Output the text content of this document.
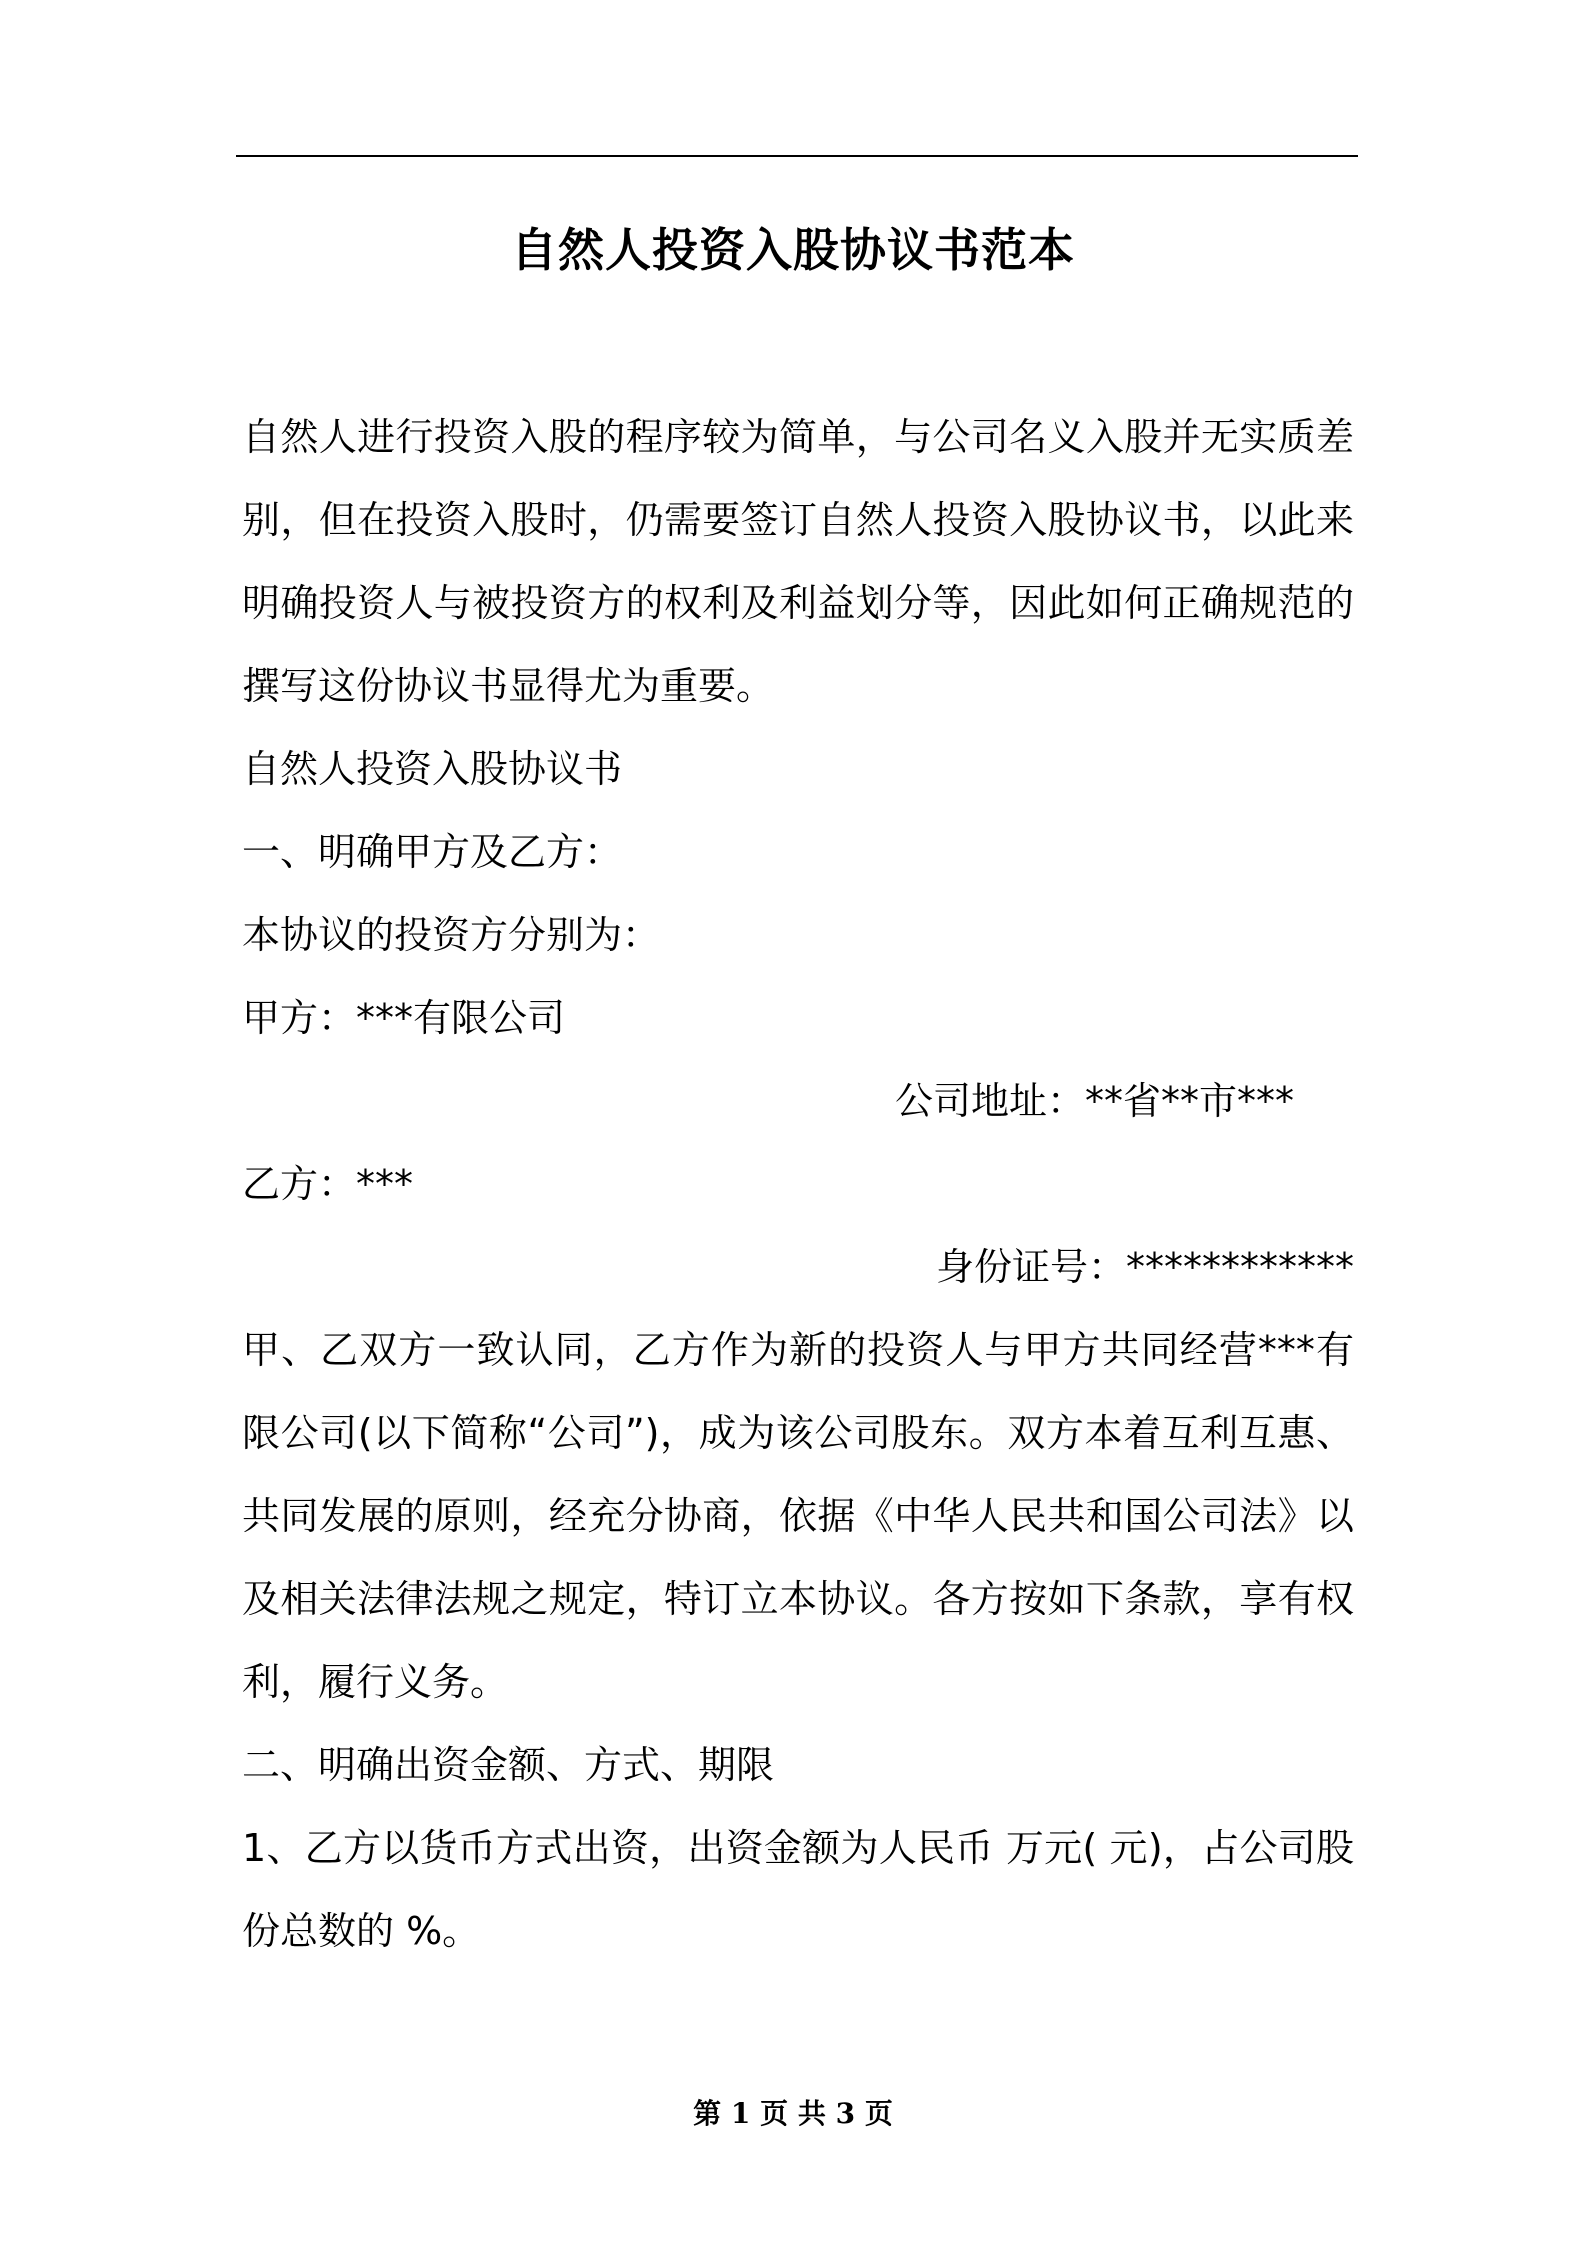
自然人投资入股协议书范本

自然人进行投资入股的程序较为简单，与公司名义入股并无实质差别，但在投资入股时，仍需要签订自然人投资入股协议书，以此来明确投资人与被投资方的权利及利益划分等，因此如何正确规范的撰写这份协议书显得尤为重要。

自然人投资入股协议书

一、明确甲方及乙方：

本协议的投资方分别为：

甲方：***有限公司

公司地址：**省**市***

乙方：***

身份证号：************

甲、乙双方一致认同，乙方作为新的投资人与甲方共同经营***有限公司(以下简称“公司”)，成为该公司股东。双方本着互利互惠、共同发展的原则，经充分协商，依据《中华人民共和国公司法》以及相关法律法规之规定，特订立本协议。各方按如下条款，享有权利，履行义务。

二、明确出资金额、方式、期限

1、乙方以货币方式出资，出资金额为人民币 万元( 元)，占公司股份总数的 %。

第 1 页 共 3 页
